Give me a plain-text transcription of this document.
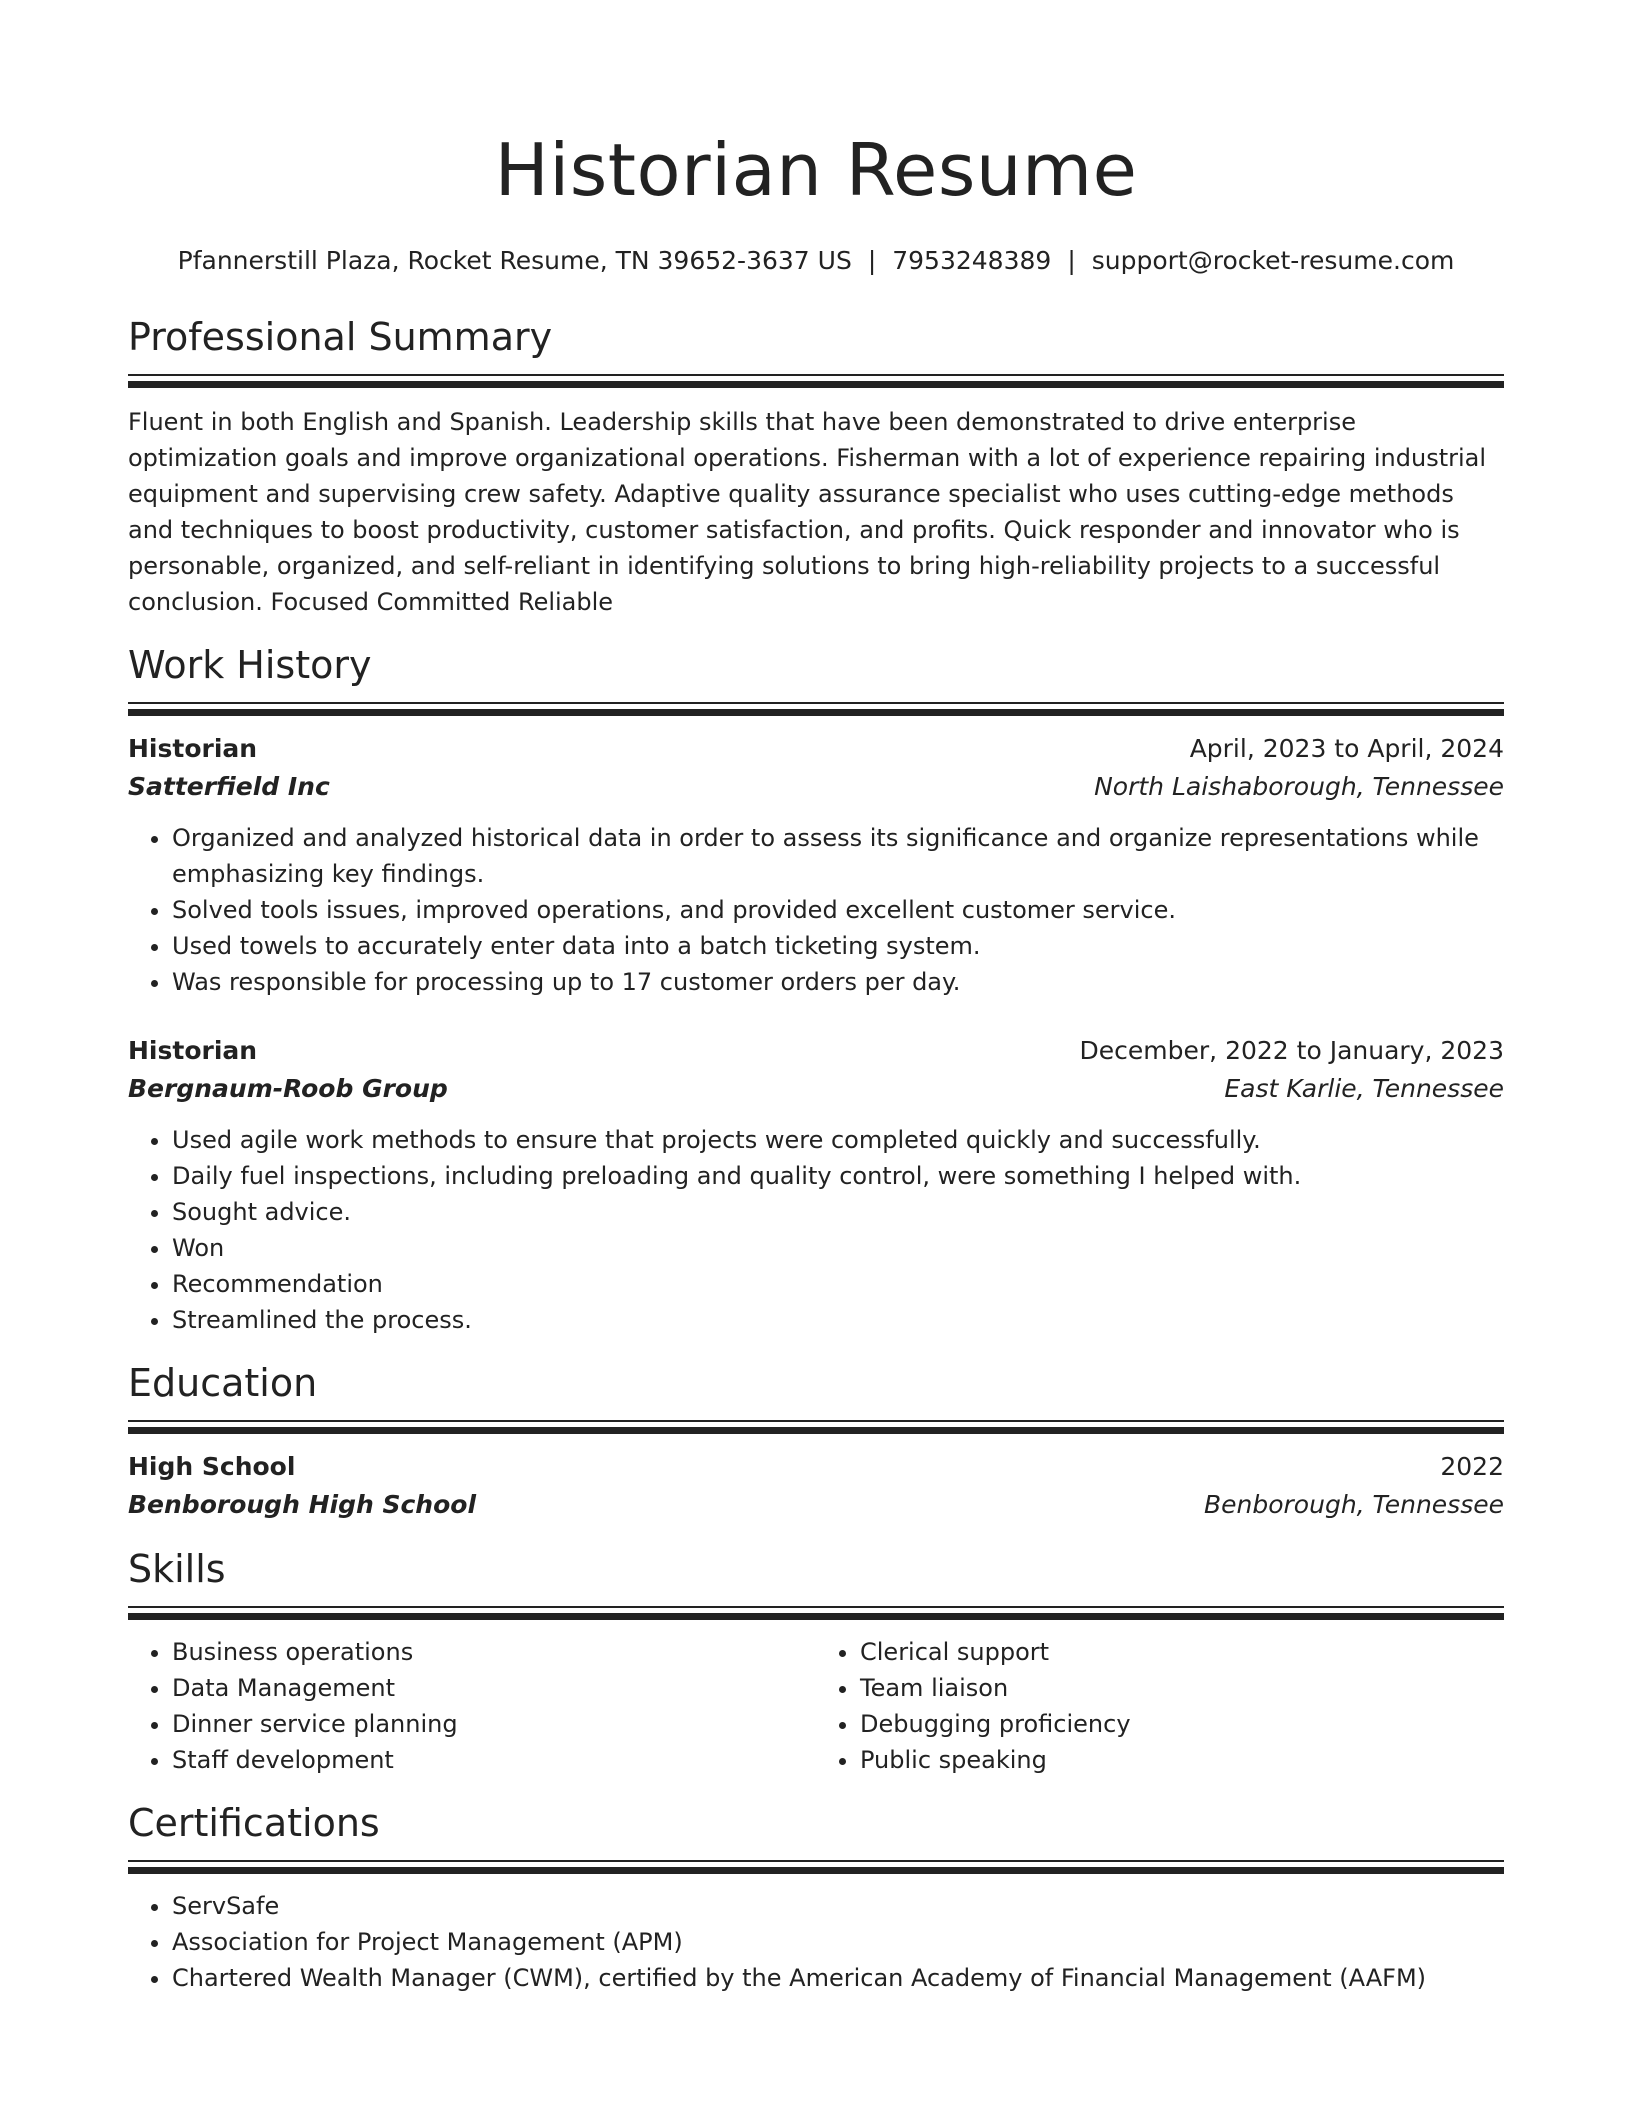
Historian Resume
Pfannerstill Plaza, Rocket Resume, TN 39652-3637 US | 7953248389 | support@rocket-resume.com
Professional Summary
Fluent in both English and Spanish. Leadership skills that have been demonstrated to drive enterprise optimization goals and improve organizational operations. Fisherman with a lot of experience repairing industrial equipment and supervising crew safety. Adaptive quality assurance specialist who uses cutting-edge methods and techniques to boost productivity, customer satisfaction, and profits. Quick responder and innovator who is personable, organized, and self-reliant in identifying solutions to bring high-reliability projects to a successful conclusion. Focused Committed Reliable
Work History
Historian	April, 2023 to April, 2024
Satterfield Inc	North Laishaborough, Tennessee
• Organized and analyzed historical data in order to assess its significance and organize representations while emphasizing key findings.
• Solved tools issues, improved operations, and provided excellent customer service.
• Used towels to accurately enter data into a batch ticketing system.
• Was responsible for processing up to 17 customer orders per day.
Historian	December, 2022 to January, 2023
Bergnaum-Roob Group	East Karlie, Tennessee
• Used agile work methods to ensure that projects were completed quickly and successfully.
• Daily fuel inspections, including preloading and quality control, were something I helped with.
• Sought advice.
• Won
• Recommendation
• Streamlined the process.
Education
High School	2022
Benborough High School	Benborough, Tennessee
Skills
• Business operations
• Data Management
• Dinner service planning
• Staff development
• Clerical support
• Team liaison
• Debugging proficiency
• Public speaking
Certifications
• ServSafe
• Association for Project Management (APM)
• Chartered Wealth Manager (CWM), certified by the American Academy of Financial Management (AAFM)
